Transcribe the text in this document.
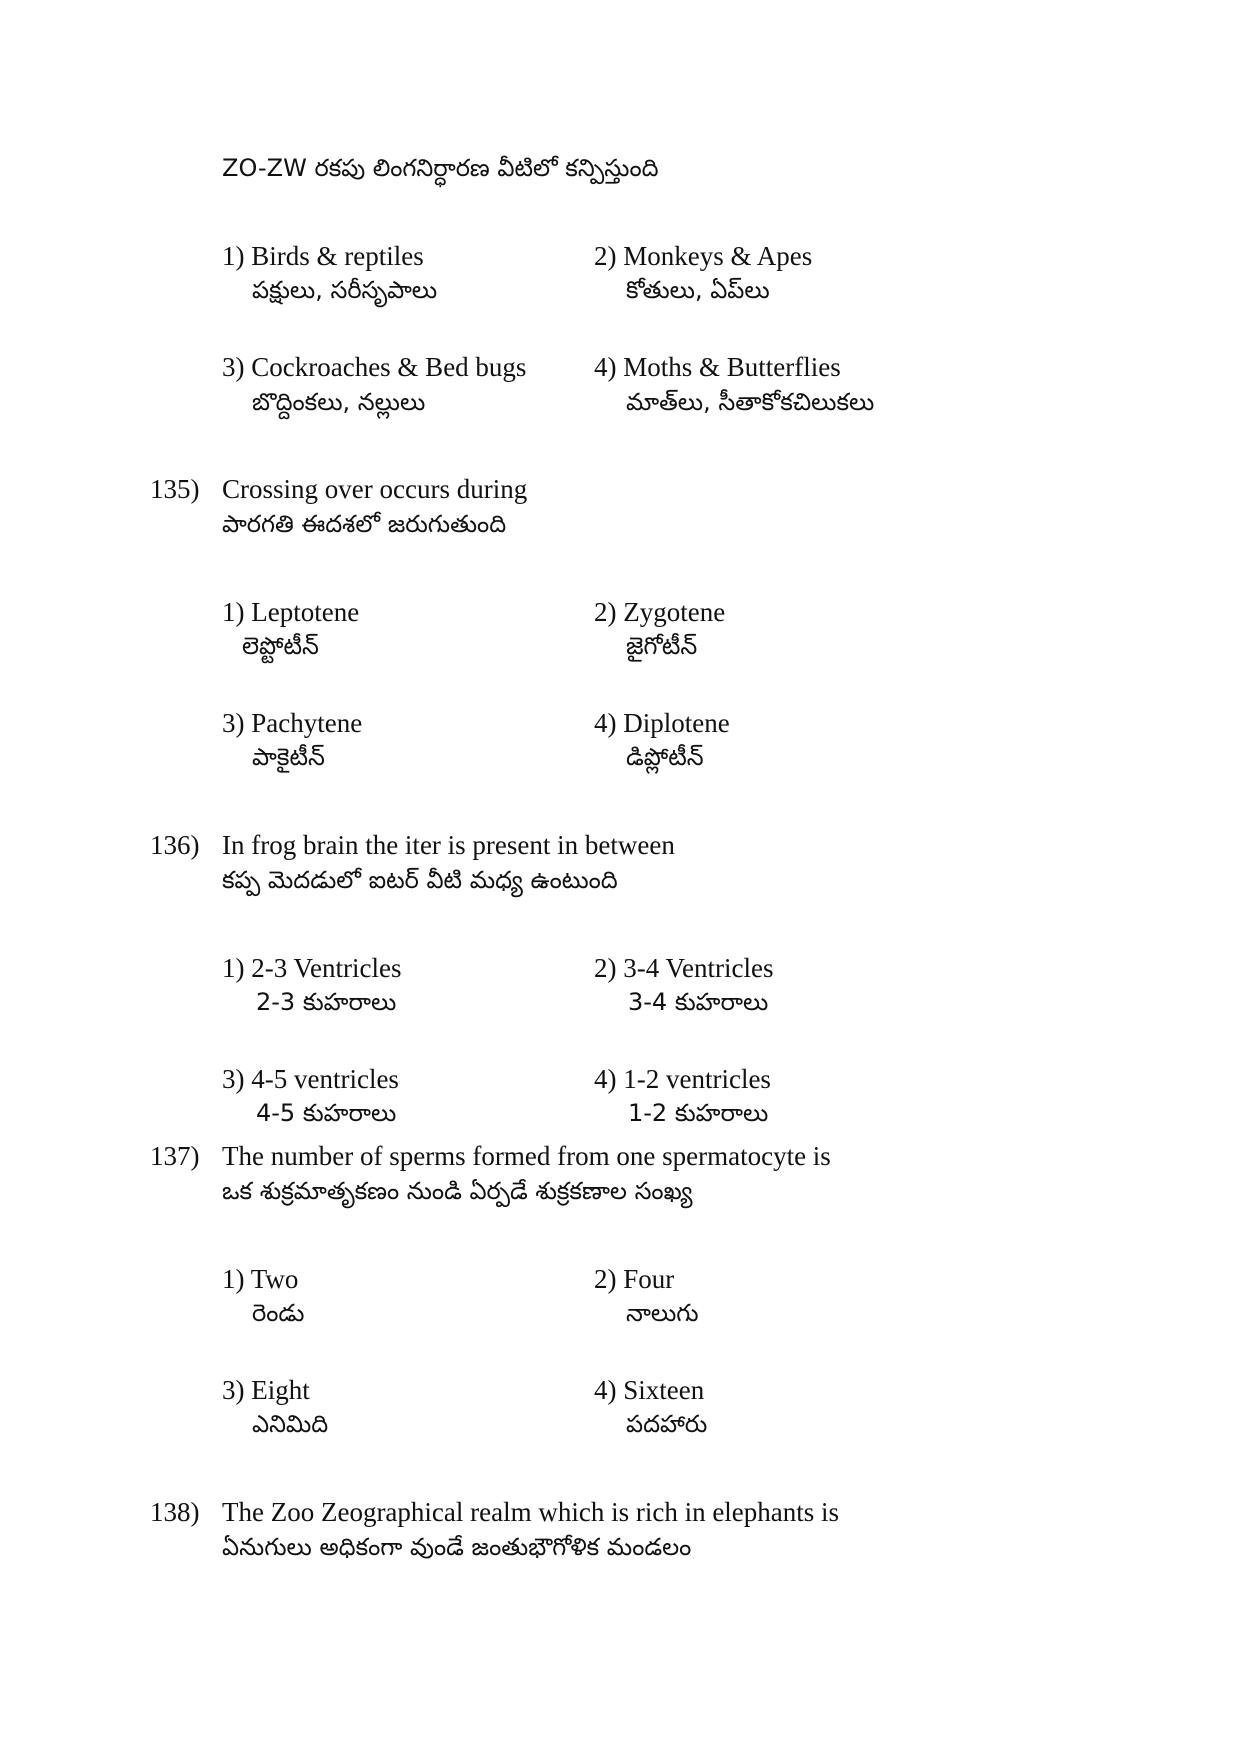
ZO-ZW రకపు లింగనిర్ధారణ వీటిలో కన్పిస్తుంది
1) Birds & reptiles
పక్షులు, సరీసృపాలు
2) Monkeys & Apes
కోతులు, ఏప్‌లు
3) Cockroaches & Bed bugs
బొద్దింకలు, నల్లులు
4) Moths & Butterflies
మాత్‌లు, సీతాకోకచిలుకలు
135) Crossing over occurs during
పారగతి ఈదశలో జరుగుతుంది
1) Leptotene
లెప్టోటీన్
2) Zygotene
జైగోటీన్
3) Pachytene
పాకైటీన్
4) Diplotene
డిప్లోటీన్
136) In frog brain the iter is present in between
కప్ప మెదడులో ఐటర్ వీటి మధ్య ఉంటుంది
1) 2-3 Ventricles
2-3 కుహరాలు
2) 3-4 Ventricles
3-4 కుహరాలు
3) 4-5 ventricles
4-5 కుహరాలు
4) 1-2 ventricles
1-2 కుహరాలు
137) The number of sperms formed from one spermatocyte is
ఒక శుక్రమాతృకణం నుండి ఏర్పడే శుక్రకణాల సంఖ్య
1) Two
రెండు
2) Four
నాలుగు
3) Eight
ఎనిమిది
4) Sixteen
పదహారు
138) The Zoo Zeographical realm which is rich in elephants is
ఏనుగులు అధికంగా వుండే జంతుభౌగోళిక మండలం
